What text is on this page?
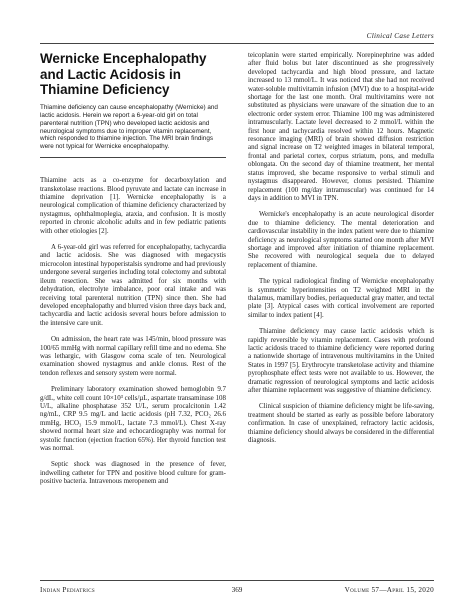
Clinical Case Letters
Wernicke Encephalopathy and Lactic Acidosis in Thiamine Deficiency
Thiamine deficiency can cause encephalopathy (Wernicke) and lactic acidosis. Herein we report a 6-year-old girl on total parenteral nutrition (TPN) who developed lactic acidosis and neurological symptoms due to improper vitamin replacement, which responded to thiamine injection. The MRI brain findings were not typical for Wernicke encephalopathy.

Thiamine acts as a co-enzyme for decarboxylation and transketolase reactions. Blood pyruvate and lactate can increase in thiamine deprivation [1]. Wernicke encephalopathy is a neurological complication of thiamine deficiency characterized by nystagmus, ophthalmoplegia, ataxia, and confusion. It is mostly reported in chronic alcoholic adults and in few pediatric patients with other etiologies [2].

A 6-year-old girl was referred for encephalopathy, tachycardia and lactic acidosis. She was diagnosed with megacystis microcolon intestinal hypoperistalsis syndrome and had previously undergone several surgeries including total colectomy and subtotal ileum resection. She was admitted for six months with dehydration, electrolyte imbalance, poor oral intake and was receiving total parenteral nutrition (TPN) since then. She had developed encephalopathy and blurred vision three days back and, tachycardia and lactic acidosis several hours before admission to the intensive care unit.

On admission, the heart rate was 145/min, blood pressure was 100/65 mmHg with normal capillary refill time and no edema. She was lethargic, with Glasgow coma scale of ten. Neurological examination showed nystagmus and ankle clonus. Rest of the tendon reflexes and sensory system were normal.

Preliminary laboratory examination showed hemoglobin 9.7 g/dL, white cell count 10×10³ cells/µL, aspartate transaminase 108 U/L, alkaline phosphatase 352 U/L, serum procalcitonin 1.42 ng/mL, CRP 9.5 mg/L and lactic acidosis (pH 7.32, PCO₂ 26.6 mmHg, HCO₃ 15.9 mmol/L, lactate 7.3 mmol/L). Chest X-ray showed normal heart size and echocardiography was normal for systolic function (ejection fraction 65%). Her thyroid function test was normal.

Septic shock was diagnosed in the presence of fever, indwelling catheter for TPN and positive blood culture for gram-positive bacteria. Intravenous meropenem and

teicoplanin were started empirically. Norepinephrine was added after fluid bolus but later discontinued as she progressively developed tachycardia and high blood pressure, and lactate increased to 13 mmol/L. It was noticed that she had not received water-soluble multivitamin infusion (MVI) due to a hospital-wide shortage for the last one month. Oral multivitamins were not substituted as physicians were unaware of the situation due to an electronic order system error. Thiamine 100 mg was administered intramuscularly. Lactate level decreased to 2 mmol/L within the first hour and tachycardia resolved within 12 hours. Magnetic resonance imaging (MRI) of brain showed diffusion restriction and signal increase on T2 weighted images in bilateral temporal, frontal and parietal cortex, corpus striatum, pons, and medulla oblongata. On the second day of thiamine treatment, her mental status improved, she became responsive to verbal stimuli and nystagmus disappeared. However, clonus persisted. Thiamine replacement (100 mg/day intramuscular) was continued for 14 days in addition to MVI in TPN.

Wernicke's encephalopathy is an acute neurological disorder due to thiamine deficiency. The mental deterioration and cardiovascular instability in the index patient were due to thiamine deficiency as neurological symptoms started one month after MVI shortage and improved after initiation of thiamine replacement. She recovered with neurological sequela due to delayed replacement of thiamine.

The typical radiological finding of Wernicke encephalopathy is symmetric hyperintensities on T2 weighted MRI in the thalamus, mamillary bodies, periaqueductal gray matter, and tectal plate [3]. Atypical cases with cortical involvement are reported similar to index patient [4].

Thiamine deficiency may cause lactic acidosis which is rapidly reversible by vitamin replacement. Cases with profound lactic acidosis traced to thiamine deficiency were reported during a nationwide shortage of intravenous multivitamins in the United States in 1997 [5]. Erythrocyte transketolase activity and thiamine pyrophosphate effect tests were not available to us. However, the dramatic regression of neurological symptoms and lactic acidosis after thiamine replacement was suggestive of thiamine deficiency.

Clinical suspicion of thiamine deficiency might be life-saving, treatment should be started as early as possible before laboratory confirmation. In case of unexplained, refractory lactic acidosis, thiamine deficiency should always be considered in the differential diagnosis.

Indian Pediatrics	369	Volume 57—April 15, 2020
